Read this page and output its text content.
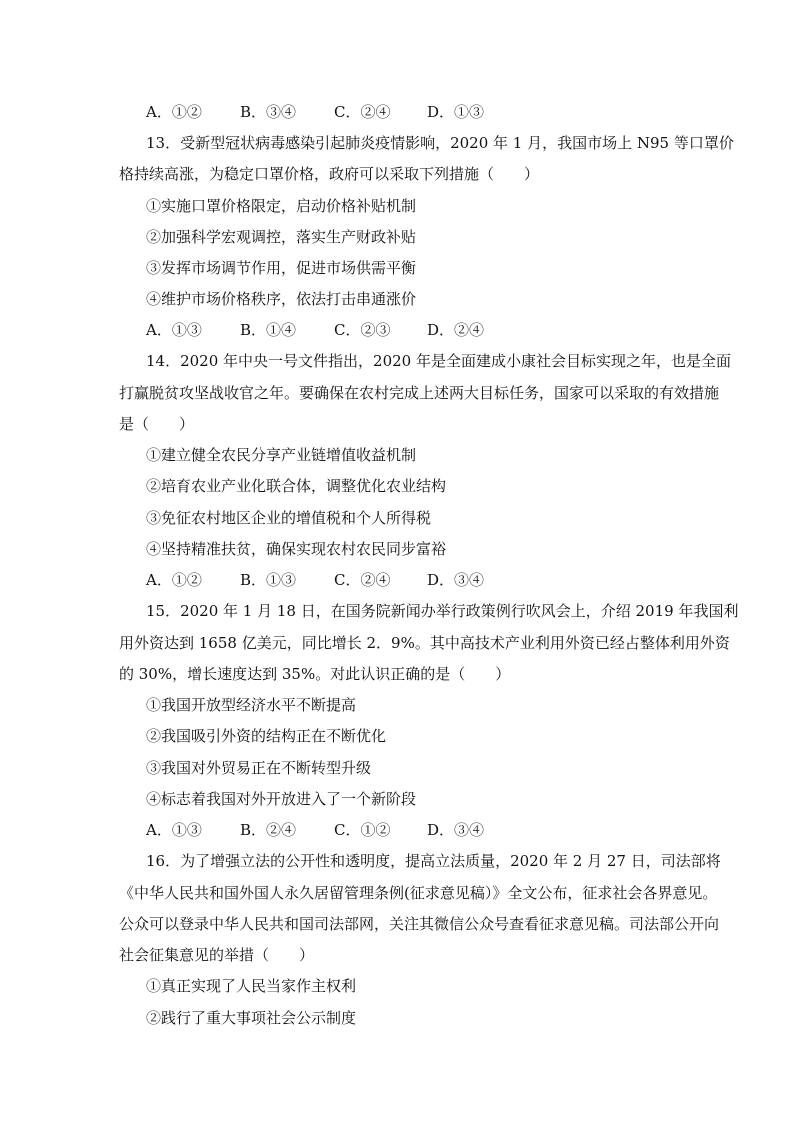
A．①②	B．③④	C．②④ D．①③
13．受新型冠状病毒感染引起肺炎疫情影响，2020 年 1 月，我国市场上 N95 等口罩价
格持续高涨，为稳定口罩价格，政府可以采取下列措施（　　）
①实施口罩价格限定，启动价格补贴机制
②加强科学宏观调控，落实生产财政补贴
③发挥市场调节作用，促进市场供需平衡
④维护市场价格秩序，依法打击串通涨价
A．①③	B．①④	C．②③ D．②④
14．2020 年中央一号文件指出，2020 年是全面建成小康社会目标实现之年，也是全面
打赢脱贫攻坚战收官之年。要确保在农村完成上述两大目标任务，国家可以采取的有效措施
是（　　）
①建立健全农民分享产业链增值收益机制
②培育农业产业化联合体，调整优化农业结构
③免征农村地区企业的增值税和个人所得税
④坚持精准扶贫，确保实现农村农民同步富裕
A．①②	B．①③	C．②④ D．③④
15．2020 年 1 月 18 日，在国务院新闻办举行政策例行吹风会上，介绍 2019 年我国利
用外资达到 1658 亿美元，同比增长 2．9%。其中高技术产业利用外资已经占整体利用外资
的 30%，增长速度达到 35%。对此认识正确的是（　　）
①我国开放型经济水平不断提高
②我国吸引外资的结构正在不断优化
③我国对外贸易正在不断转型升级
④标志着我国对外开放进入了一个新阶段
A．①③	B．②④	C．①② D．③④
16．为了增强立法的公开性和透明度，提高立法质量，2020 年 2 月 27 日，司法部将
《中华人民共和国外国人永久居留管理条例(征求意见稿）》全文公布，征求社会各界意见。
公众可以登录中华人民共和国司法部网，关注其微信公众号查看征求意见稿。司法部公开向
社会征集意见的举措（　　）
①真正实现了人民当家作主权利
②践行了重大事项社会公示制度
